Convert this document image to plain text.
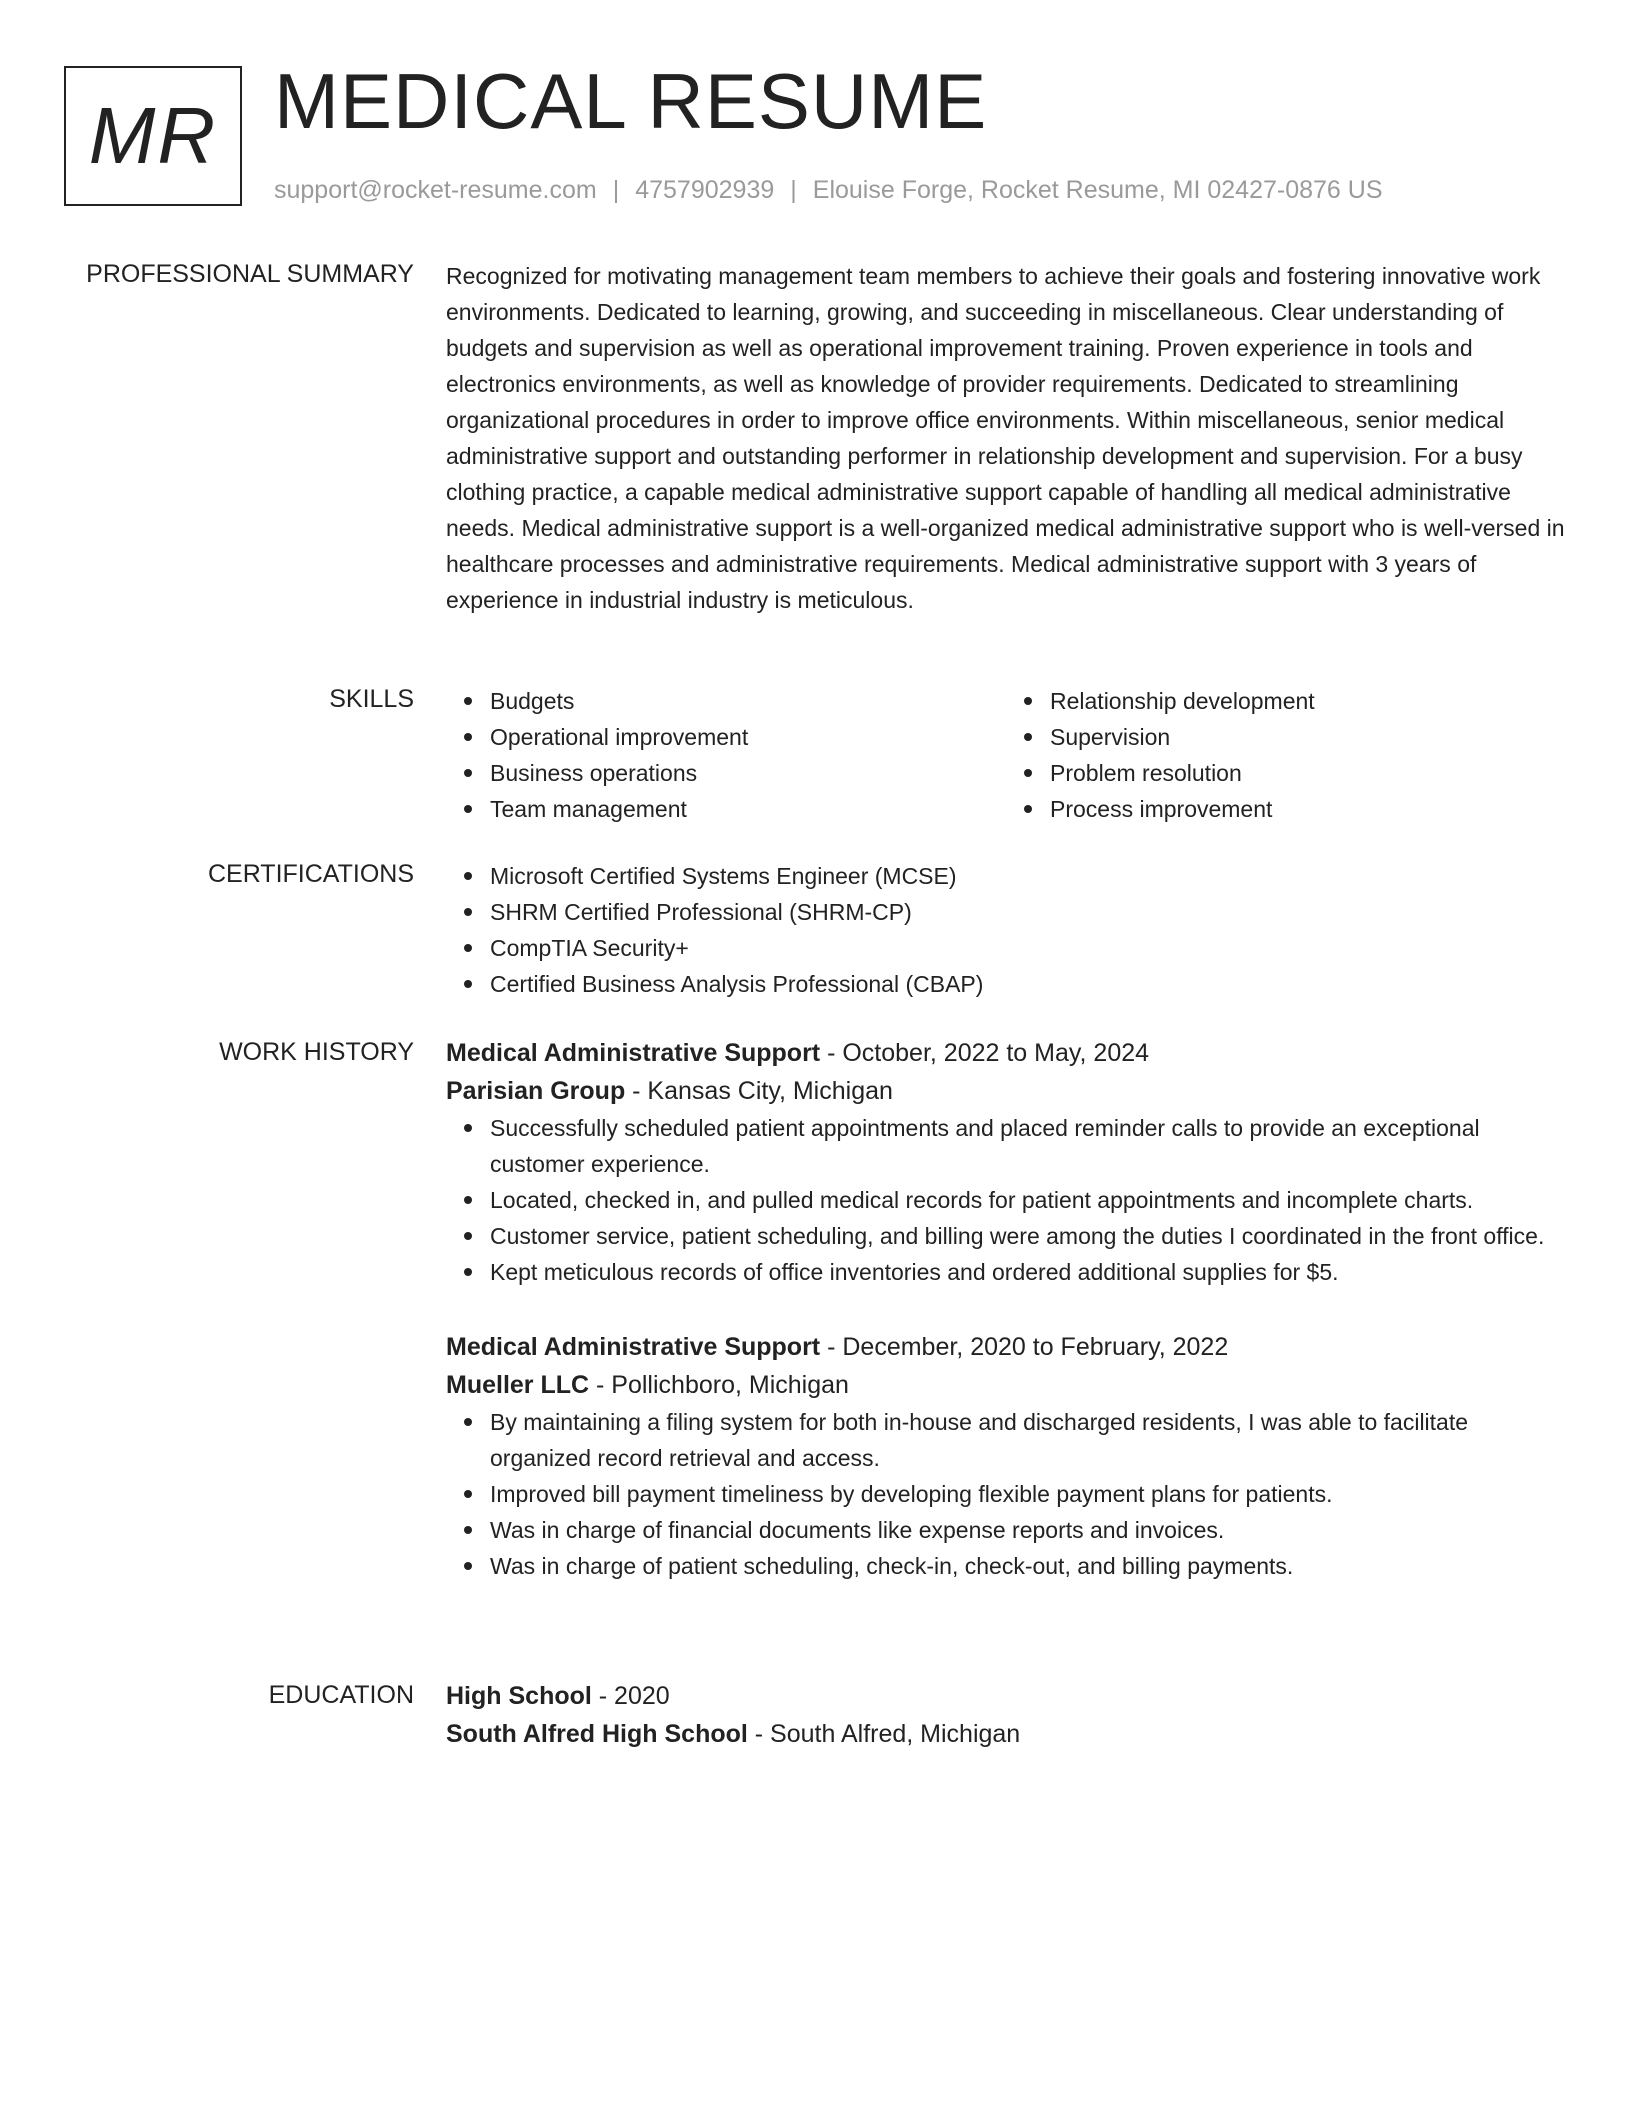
MR MEDICAL RESUME
support@rocket-resume.com | 4757902939 | Elouise Forge, Rocket Resume, MI 02427-0876 US
PROFESSIONAL SUMMARY Recognized for motivating management team members to achieve their goals and fostering innovative work environments. Dedicated to learning, growing, and succeeding in miscellaneous. Clear understanding of budgets and supervision as well as operational improvement training. Proven experience in tools and electronics environments, as well as knowledge of provider requirements. Dedicated to streamlining organizational procedures in order to improve office environments. Within miscellaneous, senior medical administrative support and outstanding performer in relationship development and supervision. For a busy clothing practice, a capable medical administrative support capable of handling all medical administrative needs. Medical administrative support is a well-organized medical administrative support who is well-versed in healthcare processes and administrative requirements. Medical administrative support with 3 years of experience in industrial industry is meticulous.

SKILLS	Budgets
Operational improvement
Business operations
Team management
Relationship development
Supervision
Problem resolution
Process improvement
CERTIFICATIONS	Microsoft Certified Systems Engineer (MCSE)
SHRM Certified Professional (SHRM-CP)
CompTIA Security+
Certified Business Analysis Professional (CBAP)
WORK HISTORY Medical Administrative Support - October, 2022 to May, 2024
Parisian Group - Kansas City, Michigan
Successfully scheduled patient appointments and placed reminder calls to provide an exceptional customer experience.
Located, checked in, and pulled medical records for patient appointments and incomplete charts.
Customer service, patient scheduling, and billing were among the duties I coordinated in the front office.
Kept meticulous records of office inventories and ordered additional supplies for $5.
Medical Administrative Support - December, 2020 to February, 2022
Mueller LLC - Pollichboro, Michigan
By maintaining a filing system for both in-house and discharged residents, I was able to facilitate organized record retrieval and access.
Improved bill payment timeliness by developing flexible payment plans for patients.
Was in charge of financial documents like expense reports and invoices.
Was in charge of patient scheduling, check-in, check-out, and billing payments.
EDUCATION High School - 2020
South Alfred High School - South Alfred, Michigan
